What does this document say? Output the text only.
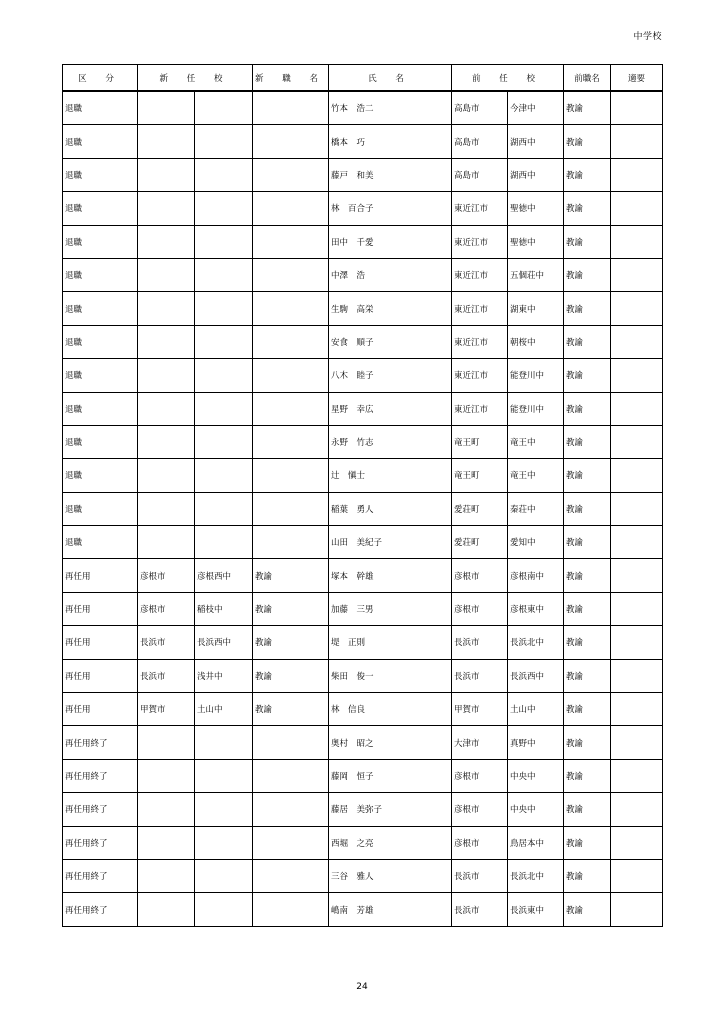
中学校
区 分	新 任 校		新 職 名	氏 名	前 任 校		前職名	適要
退職				竹本　浩二	高島市	今津中	教諭	
退職				橋本　巧	高島市	湖西中	教諭	
退職				藤戸　和美	高島市	湖西中	教諭	
退職				林　百合子	東近江市	聖徳中	教諭	
退職				田中　千愛	東近江市	聖徳中	教諭	
退職				中澤　浩	東近江市	五個荘中	教諭	
退職				生駒　高栄	東近江市	湖東中	教諭	
退職				安食　順子	東近江市	朝桜中	教諭	
退職				八木　睦子	東近江市	能登川中	教諭	
退職				星野　幸広	東近江市	能登川中	教諭	
退職				永野　竹志	竜王町	竜王中	教諭	
退職				辻　愼士	竜王町	竜王中	教諭	
退職				稲葉　勇人	愛荘町	秦荘中	教諭	
退職				山田　美紀子	愛荘町	愛知中	教諭	
再任用	彦根市	彦根西中	教諭	塚本　幹雄	彦根市	彦根南中	教諭	
再任用	彦根市	稲枝中	教諭	加藤　三男	彦根市	彦根東中	教諭	
再任用	長浜市	長浜西中	教諭	堤　正則	長浜市	長浜北中	教諭	
再任用	長浜市	浅井中	教諭	柴田　俊一	長浜市	長浜西中	教諭	
再任用	甲賀市	土山中	教諭	林　信良	甲賀市	土山中	教諭	
再任用終了				奥村　昭之	大津市	真野中	教諭	
再任用終了				藤岡　恒子	彦根市	中央中	教諭	
再任用終了				藤居　美弥子	彦根市	中央中	教諭	
再任用終了				西堀　之亮	彦根市	鳥居本中	教諭	
再任用終了				三谷　雅人	長浜市	長浜北中	教諭	
再任用終了				嶋南　芳雄	長浜市	長浜東中	教諭	
24
